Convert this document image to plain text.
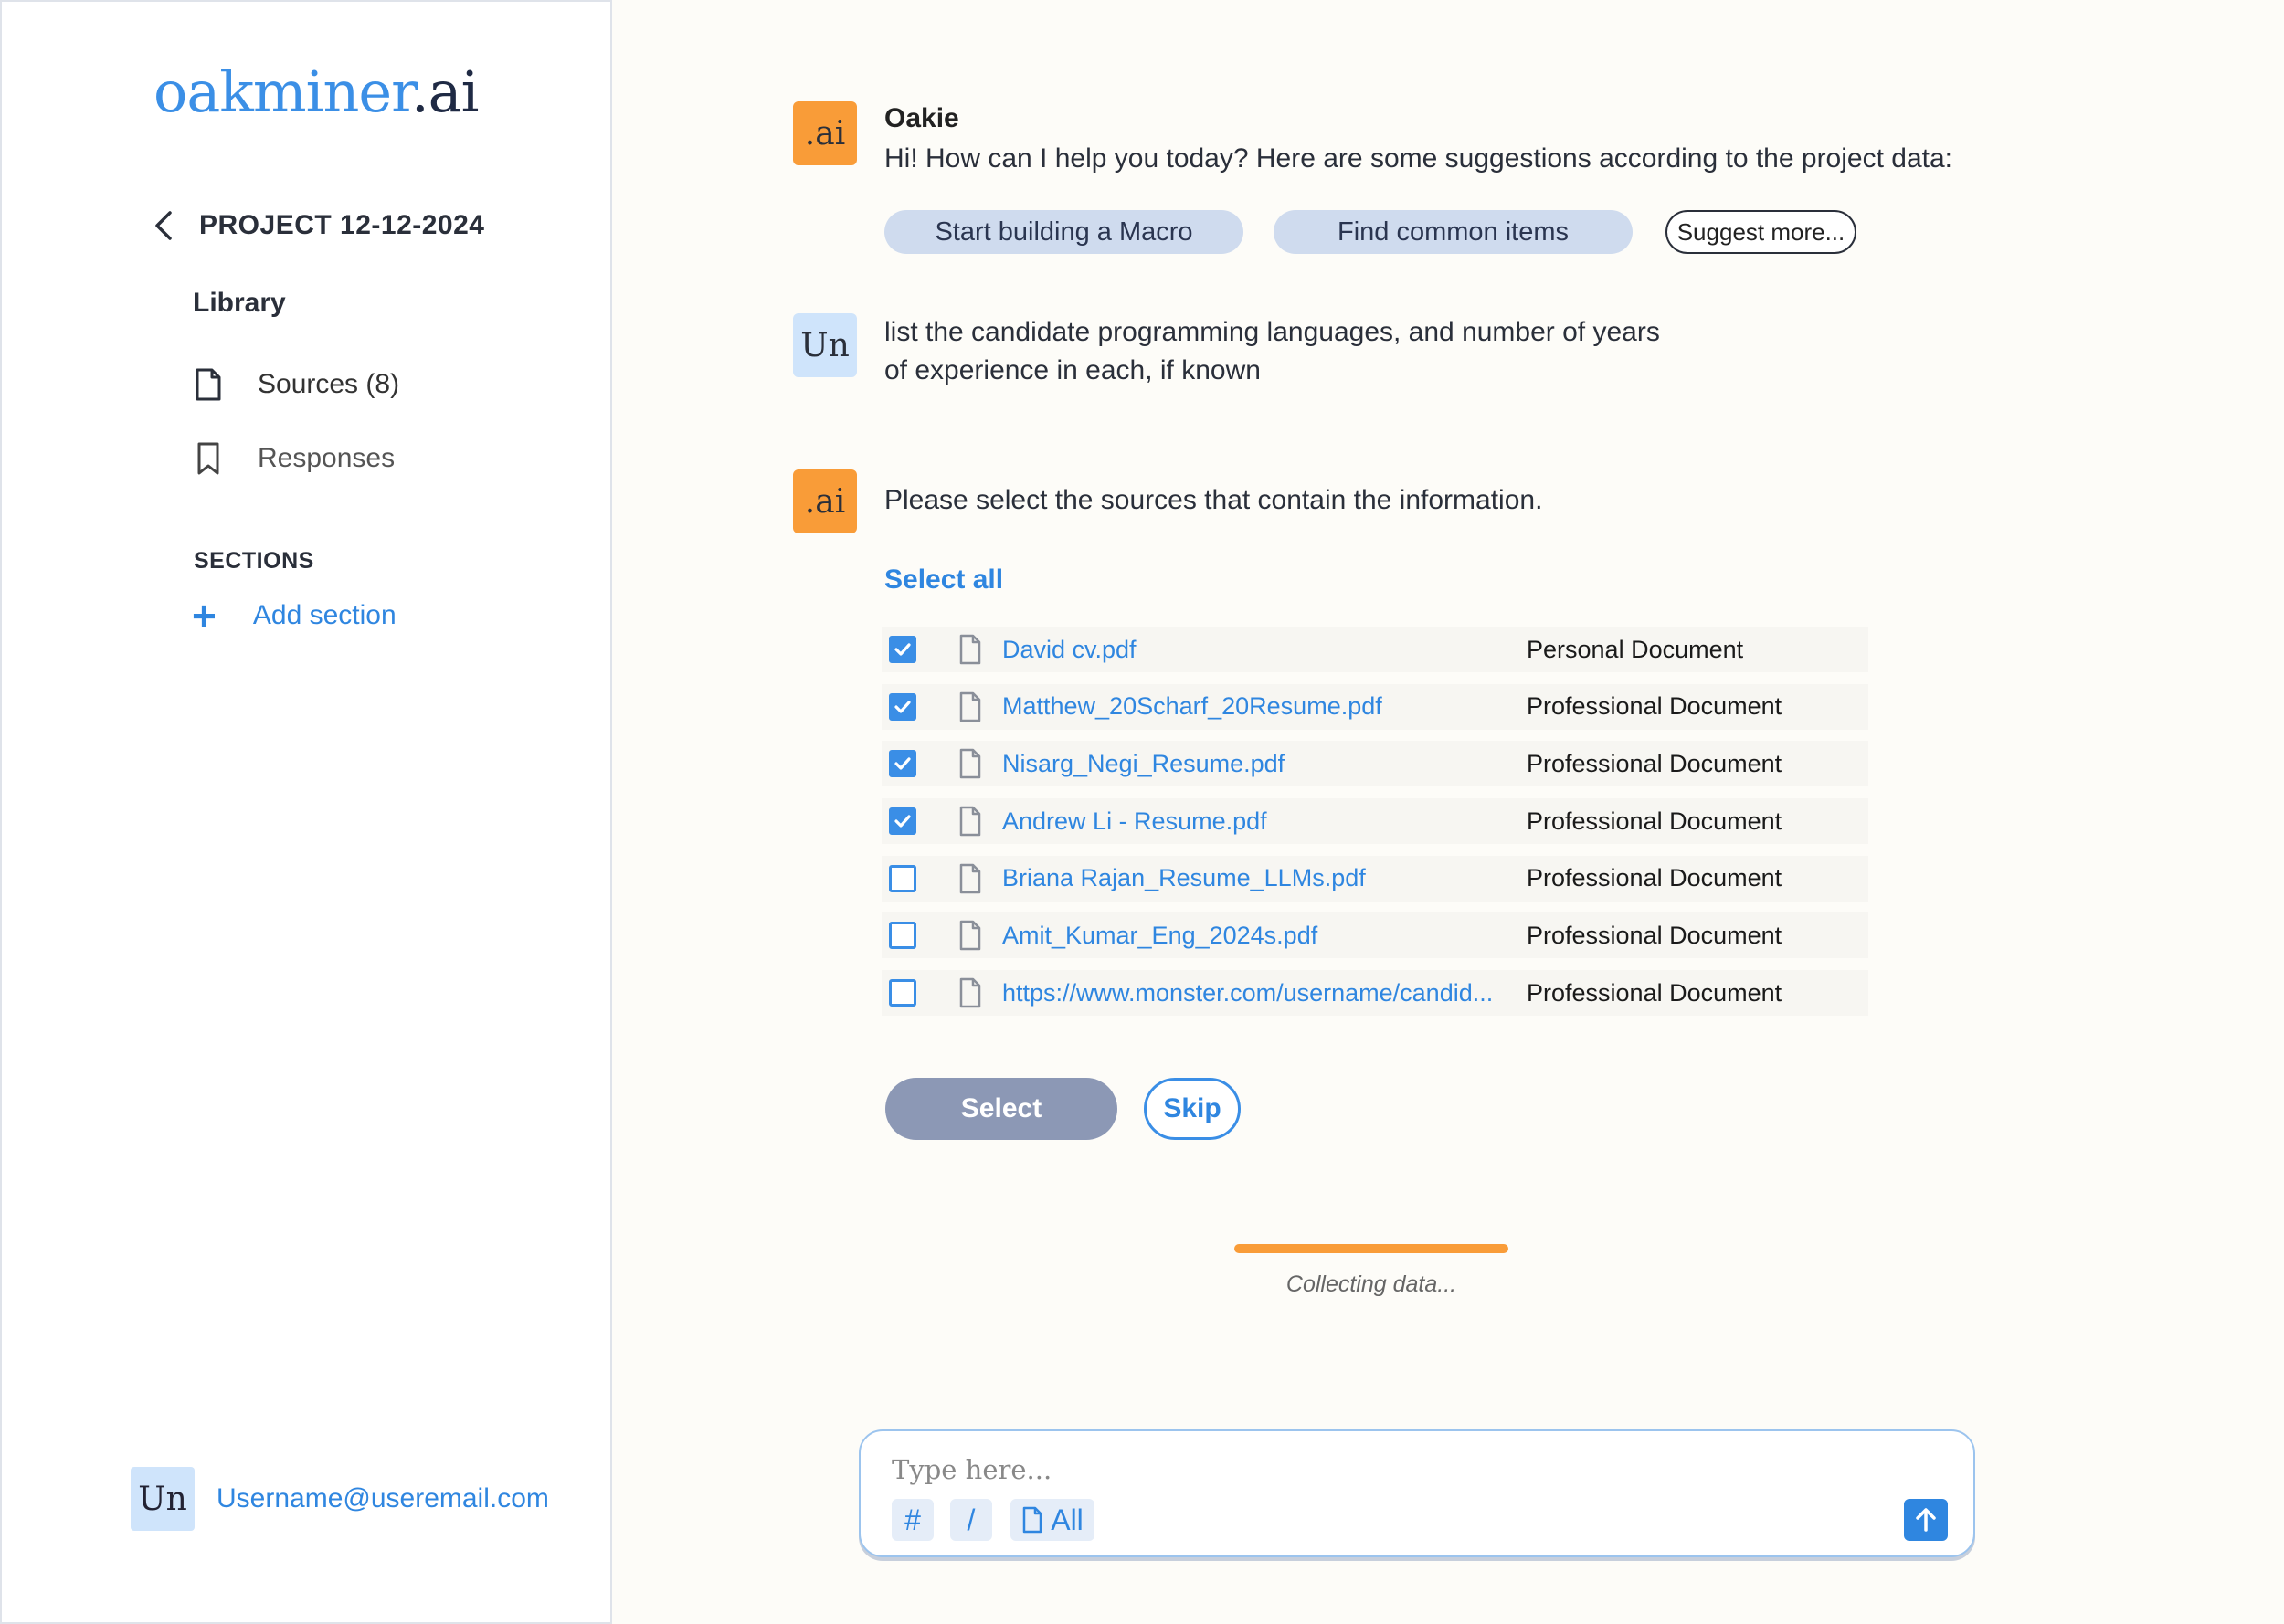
oakminer.ai
PROJECT 12-12-2024
Library
Sources (8)
Responses
SECTIONS
+ Add section
Un Username@useremail.com
.ai	Oakie
Hi! How can I help you today? Here are some suggestions according to the project data:
Start building a Macro	Find common items	Suggest more...
Un list the candidate programming languages, and number of years
of experience in each, if known
.ai	Please select the sources that contain the information.
Select all
David cv.pdf	Personal Document
Matthew_20Scharf_20Resume.pdf	Professional Document
Nisarg_Negi_Resume.pdf	Professional Document
Andrew Li - Resume.pdf	Professional Document
Briana Rajan_Resume_LLMs.pdf	Professional Document
Amit_Kumar_Eng_2024s.pdf	Professional Document
https://www.monster.com/username/candid...	Professional Document
Select	Skip
Collecting data...
Type here...
#	/	All
